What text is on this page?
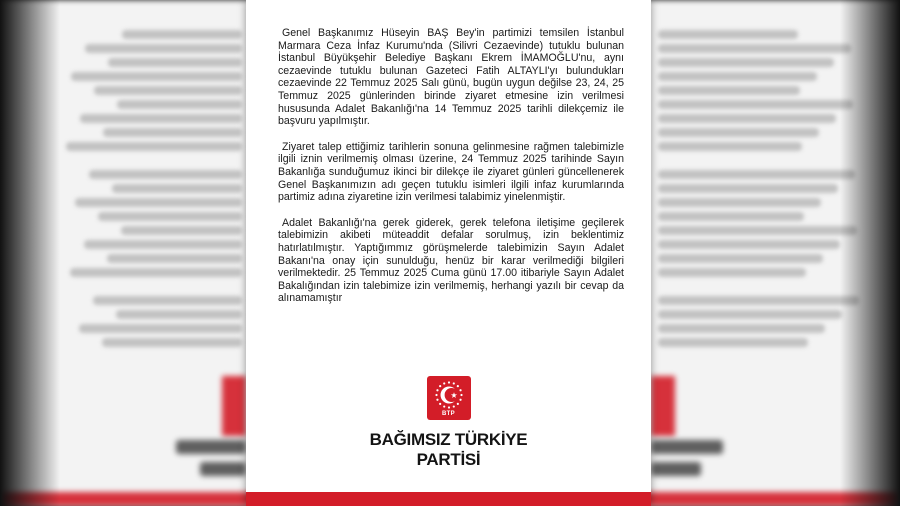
Genel Başkanımız Hüseyin BAŞ Bey'in partimizi temsilen İstanbul Marmara Ceza İnfaz Kurumu'nda (Silivri Cezaevinde) tutuklu bulunan İstanbul Büyükşehir Belediye Başkanı Ekrem İMAMOĞLU'nu, aynı cezaevinde tutuklu bulunan Gazeteci Fatih ALTAYLI'yı bulundukları cezaevinde 22 Temmuz 2025 Salı günü, bugün uygun değilse 23, 24, 25 Temmuz 2025 günlerinden birinde ziyaret etmesine izin verilmesi hususunda Adalet Bakanlığı'na 14 Temmuz 2025 tarihli dilekçemiz ile başvuru yapılmıştır.

Ziyaret talep ettiğimiz tarihlerin sonuna gelinmesine rağmen talebimizle ilgili iznin verilmemiş olması üzerine, 24 Temmuz 2025 tarihinde Sayın Bakanlığa sunduğumuz ikinci bir dilekçe ile ziyaret günleri güncellenerek Genel Başkanımızın adı geçen tutuklu isimleri ilgili infaz kurumlarında partimiz adına ziyaretine izin verilmesi talabimiz yinelenmiştir.

Adalet Bakanlığı'na gerek giderek, gerek telefona iletişime geçilerek talebimizin akibeti müteaddit defalar sorulmuş, izin beklentimiz hatırlatılmıştır. Yaptığımmız görüşmelerde talebimizin Sayın Adalet Bakanı'na onay için sunulduğu, henüz bir karar verilmediği bilgileri verilmektedir. 25 Temmuz 2025 Cuma günü 17.00 itibariyle Sayın Adalet Bakalığından izin talebimize izin verilmemiş, herhangi yazılı bir cevap da alınamamıştır

BTP
BAĞIMSIZ TÜRKİYE
PARTİSİ
